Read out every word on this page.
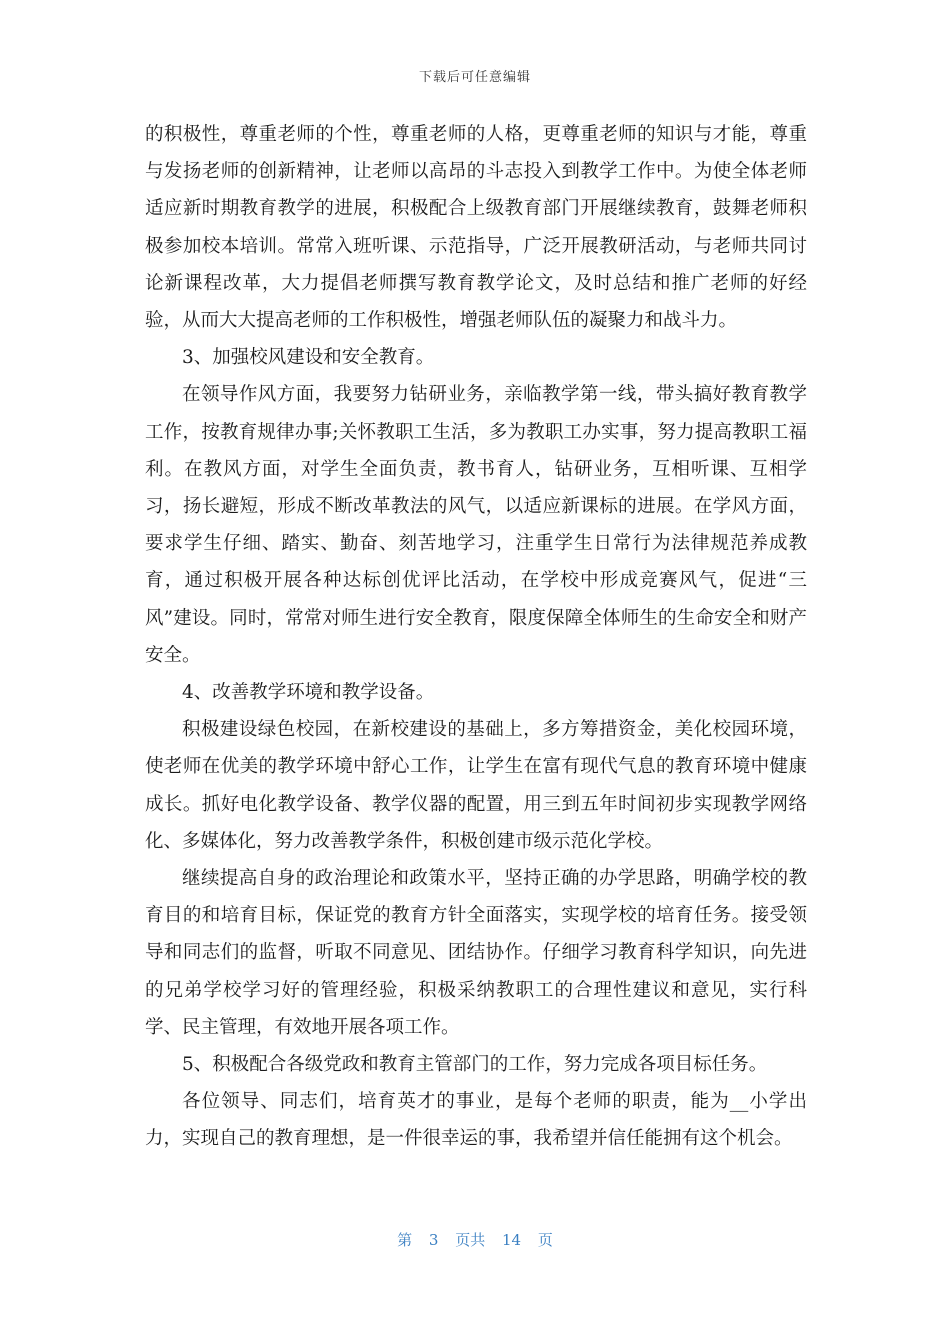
下载后可任意编辑

的积极性，尊重老师的个性，尊重老师的人格，更尊重老师的知识与才能，尊重与发扬老师的创新精神，让老师以高昂的斗志投入到教学工作中。为使全体老师适应新时期教育教学的进展，积极配合上级教育部门开展继续教育，鼓舞老师积极参加校本培训。常常入班听课、示范指导，广泛开展教研活动，与老师共同讨论新课程改革，大力提倡老师撰写教育教学论文，及时总结和推广老师的好经验，从而大大提高老师的工作积极性，增强老师队伍的凝聚力和战斗力。

3、加强校风建设和安全教育。

在领导作风方面，我要努力钻研业务，亲临教学第一线，带头搞好教育教学工作，按教育规律办事;关怀教职工生活，多为教职工办实事，努力提高教职工福利。在教风方面，对学生全面负责，教书育人，钻研业务，互相听课、互相学习，扬长避短，形成不断改革教法的风气，以适应新课标的进展。在学风方面，要求学生仔细、踏实、勤奋、刻苦地学习，注重学生日常行为法律规范养成教育，通过积极开展各种达标创优评比活动，在学校中形成竞赛风气，促进“三风”建设。同时，常常对师生进行安全教育，限度保障全体师生的生命安全和财产安全。

4、改善教学环境和教学设备。

积极建设绿色校园，在新校建设的基础上，多方筹措资金，美化校园环境，使老师在优美的教学环境中舒心工作，让学生在富有现代气息的教育环境中健康成长。抓好电化教学设备、教学仪器的配置，用三到五年时间初步实现教学网络化、多媒体化，努力改善教学条件，积极创建市级示范化学校。

继续提高自身的政治理论和政策水平，坚持正确的办学思路，明确学校的教育目的和培育目标，保证党的教育方针全面落实，实现学校的培育任务。接受领导和同志们的监督，听取不同意见、团结协作。仔细学习教育科学知识，向先进的兄弟学校学习好的管理经验，积极采纳教职工的合理性建议和意见，实行科学、民主管理，有效地开展各项工作。

5、积极配合各级党政和教育主管部门的工作，努力完成各项目标任务。

各位领导、同志们，培育英才的事业，是每个老师的职责，能为__小学出力，实现自己的教育理想，是一件很幸运的事，我希望并信任能拥有这个机会。

第 3 页共 14 页
